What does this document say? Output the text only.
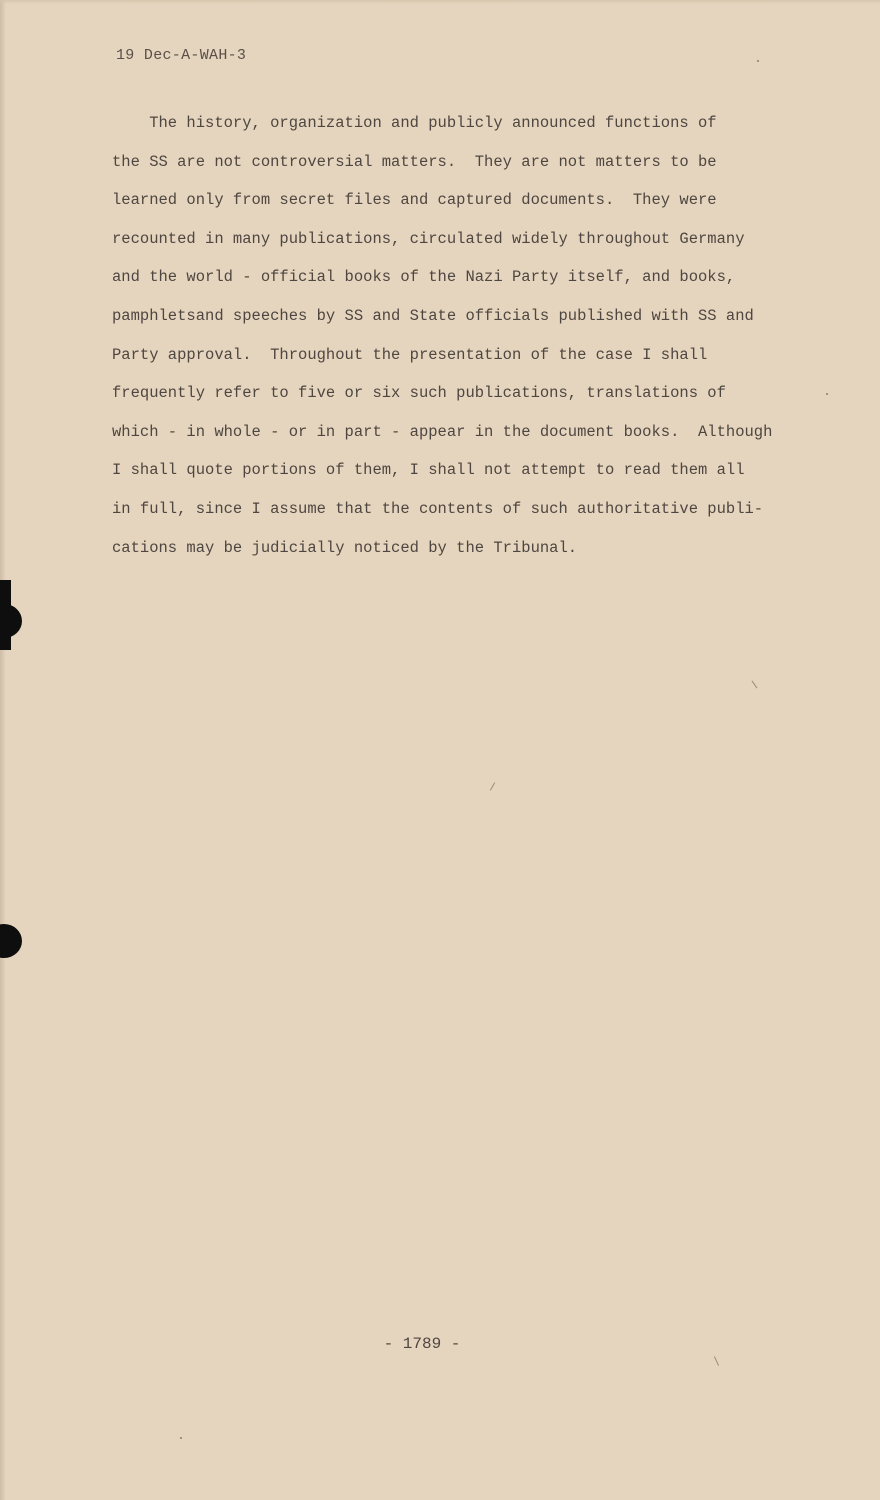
19 Dec-A-WAH-3
The history, organization and publicly announced functions of
the SS are not controversial matters.  They are not matters to be
learned only from secret files and captured documents.  They were
recounted in many publications, circulated widely throughout Germany
and the world - official books of the Nazi Party itself, and books,
pamphletsand speeches by SS and State officials published with SS and
Party approval.  Throughout the presentation of the case I shall
frequently refer to five or six such publications, translations of
which - in whole - or in part - appear in the document books.  Although
I shall quote portions of them, I shall not attempt to read them all
in full, since I assume that the contents of such authoritative publi-
cations may be judicially noticed by the Tribunal.
- 1789 -
